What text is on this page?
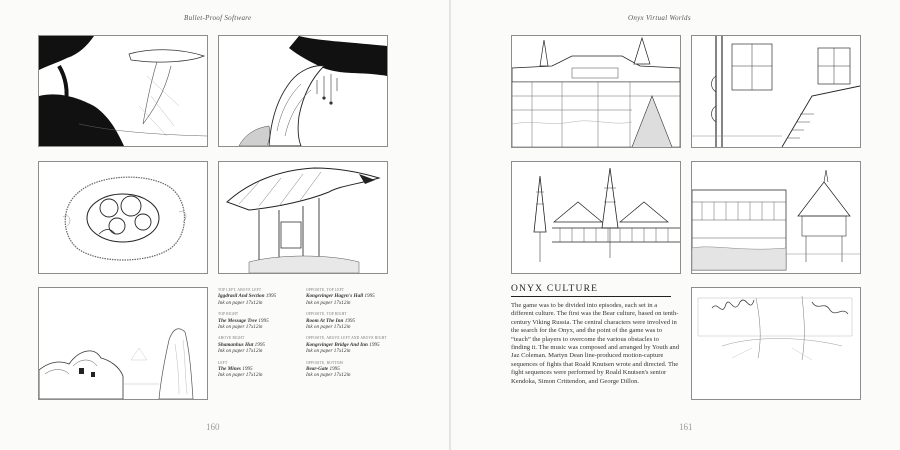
Bullet-Proof Software
TOP LEFT, ABOVE LEFT
Iggdrasil And Section 1995
Ink on paper 17x12in
TOP RIGHT
The Message Tree 1995
Ink on paper 17x12in
ABOVE RIGHT
Shamanhus Hut 1995
Ink on paper 17x12in
LEFT
The Mines 1995
Ink on paper 17x12in
OPPOSITE, TOP LEFT
Kongsvinger Hagyn's Hall 1995
Ink on paper 17x12in
OPPOSITE, TOP RIGHT
Room At The Inn 1995
Ink on paper 17x12in
OPPOSITE, ABOVE LEFT AND ABOVE RIGHT
Kongsvinger Bridge And Inn 1995
Ink on paper 17x12in
OPPOSITE, BOTTOM
Bear-Gate 1995
Ink on paper 17x12in
160
Onyx Virtual Worlds
ONYX CULTURE

The game was to be divided into episodes, each set in a different culture. The first was the Bear culture, based on tenth-century Viking Russia. The central characters were involved in the search for the Onyx, and the point of the game was to “teach” the players to overcome the various obstacles to finding it. The music was composed and arranged by Youth and Jaz Coleman. Martyn Dean line-produced motion-capture sequences of fights that Roald Knutsen wrote and directed. The fight sequences were performed by Roald Knutsen's senior Kendoka, Simon Crittendon, and George Dillon.

161
